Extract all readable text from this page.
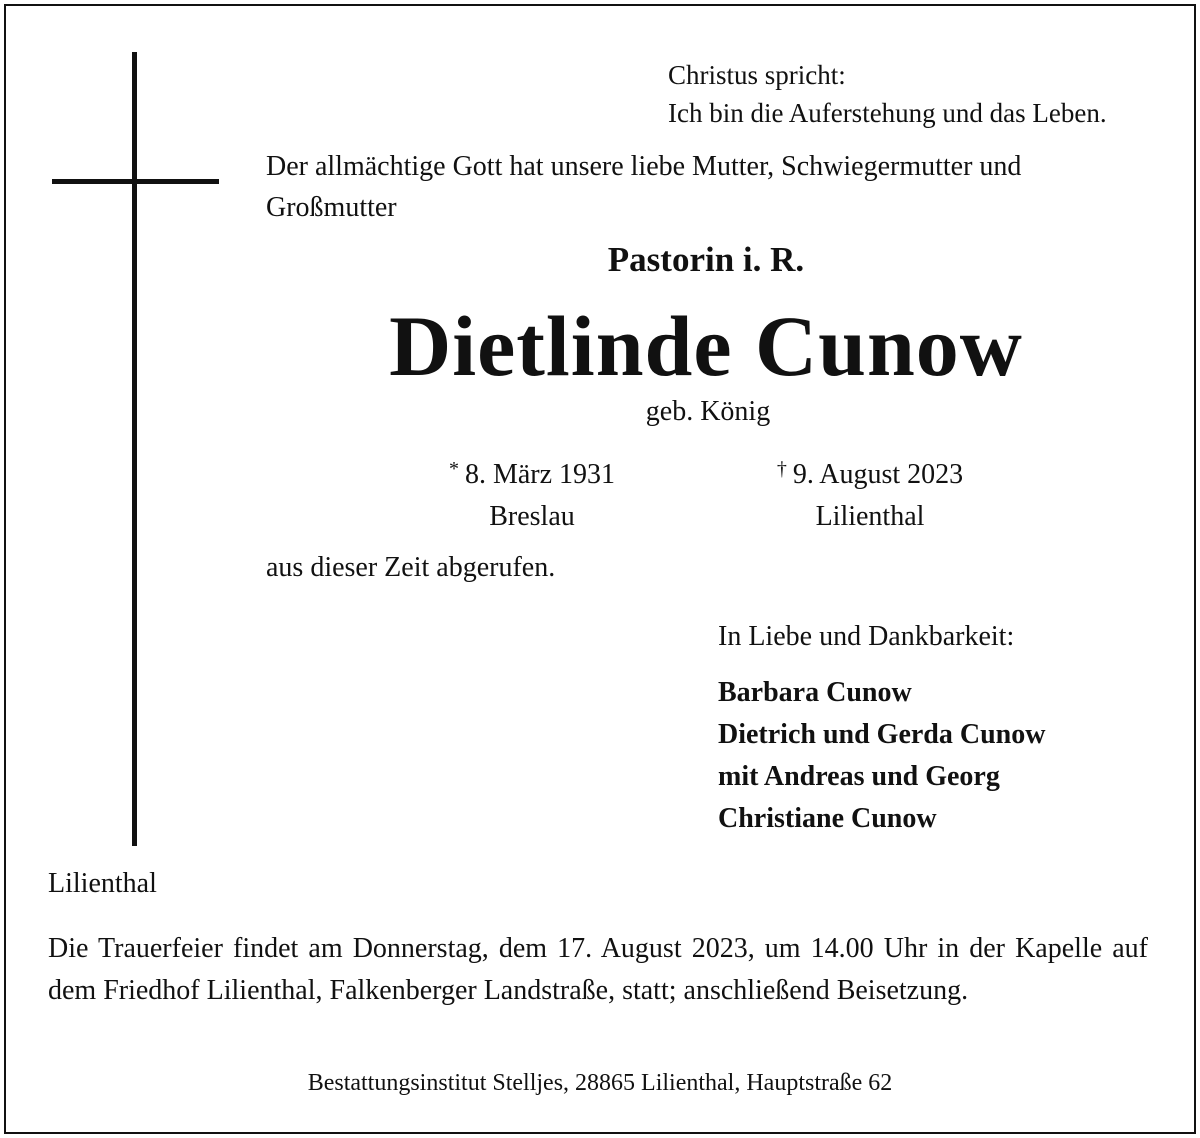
Christus spricht:
Ich bin die Auferstehung und das Leben.
Der allmächtige Gott hat unsere liebe Mutter, Schwiegermutter und
Großmutter
Pastorin i. R.
Dietlinde Cunow
geb. König
* 8. März 1931
Breslau
† 9. August 2023
Lilienthal
aus dieser Zeit abgerufen.
In Liebe und Dankbarkeit:
Barbara Cunow
Dietrich und Gerda Cunow
mit Andreas und Georg
Christiane Cunow
Lilienthal
Die Trauerfeier findet am Donnerstag, dem 17. August 2023, um 14.00 Uhr in der Kapelle auf dem Friedhof Lilienthal, Falkenberger Landstraße, statt; anschließend Beisetzung.
Bestattungsinstitut Stelljes, 28865 Lilienthal, Hauptstraße 62
